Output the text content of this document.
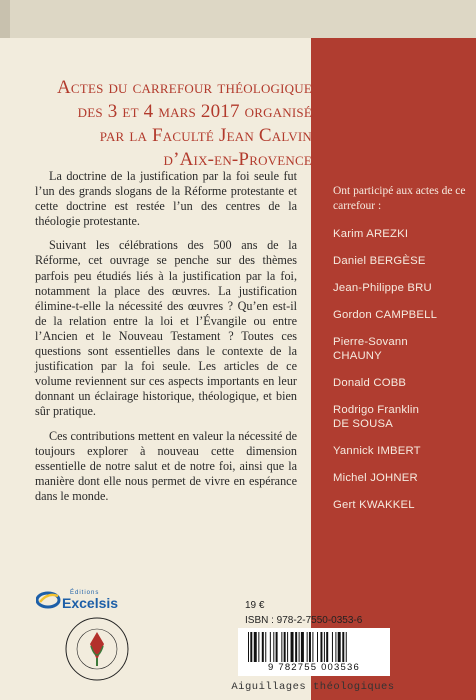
Actes du carrefour théologique
des 3 et 4 mars 2017 organisé
par la Faculté Jean Calvin
d’Aix-en-Provence

La doctrine de la justification par la foi seule fut l’un des grands slogans de la Réforme protestante et cette doctrine est restée l’un des centres de la théologie protestante.

Suivant les célébrations des 500 ans de la Réforme, cet ouvrage se penche sur des thèmes parfois peu étudiés liés à la justification par la foi, notamment la place des œuvres. La justification élimine-t-elle la nécessité des œuvres ? Qu’en est-il de la relation entre la loi et l’Évangile ou entre l’Ancien et le Nouveau Testament ? Toutes ces questions sont essentielles dans le contexte de la justification par la foi seule. Les articles de ce volume reviennent sur ces aspects importants en leur donnant un éclairage historique, théologique, et bien sûr pratique.

Ces contributions mettent en valeur la nécessité de toujours explorer à nouveau cette dimension essentielle de notre salut et de notre foi, ainsi que la manière dont elle nous permet de vivre en espérance dans le monde.

Ont participé aux actes de ce carrefour :
Karim AREZKI
Daniel BERGÈSE
Jean-Philippe BRU
Gordon CAMPBELL
Pierre-Sovann
CHAUNY
Donald COBB
Rodrigo Franklin
DE SOUSA
Yannick IMBERT
Michel JOHNER
Gert KWAKKEL
Éditions
Excelsis	19 €
ISBN : 978-2-7550-0353-6
9 782755 003536
Aiguillages théologiques
